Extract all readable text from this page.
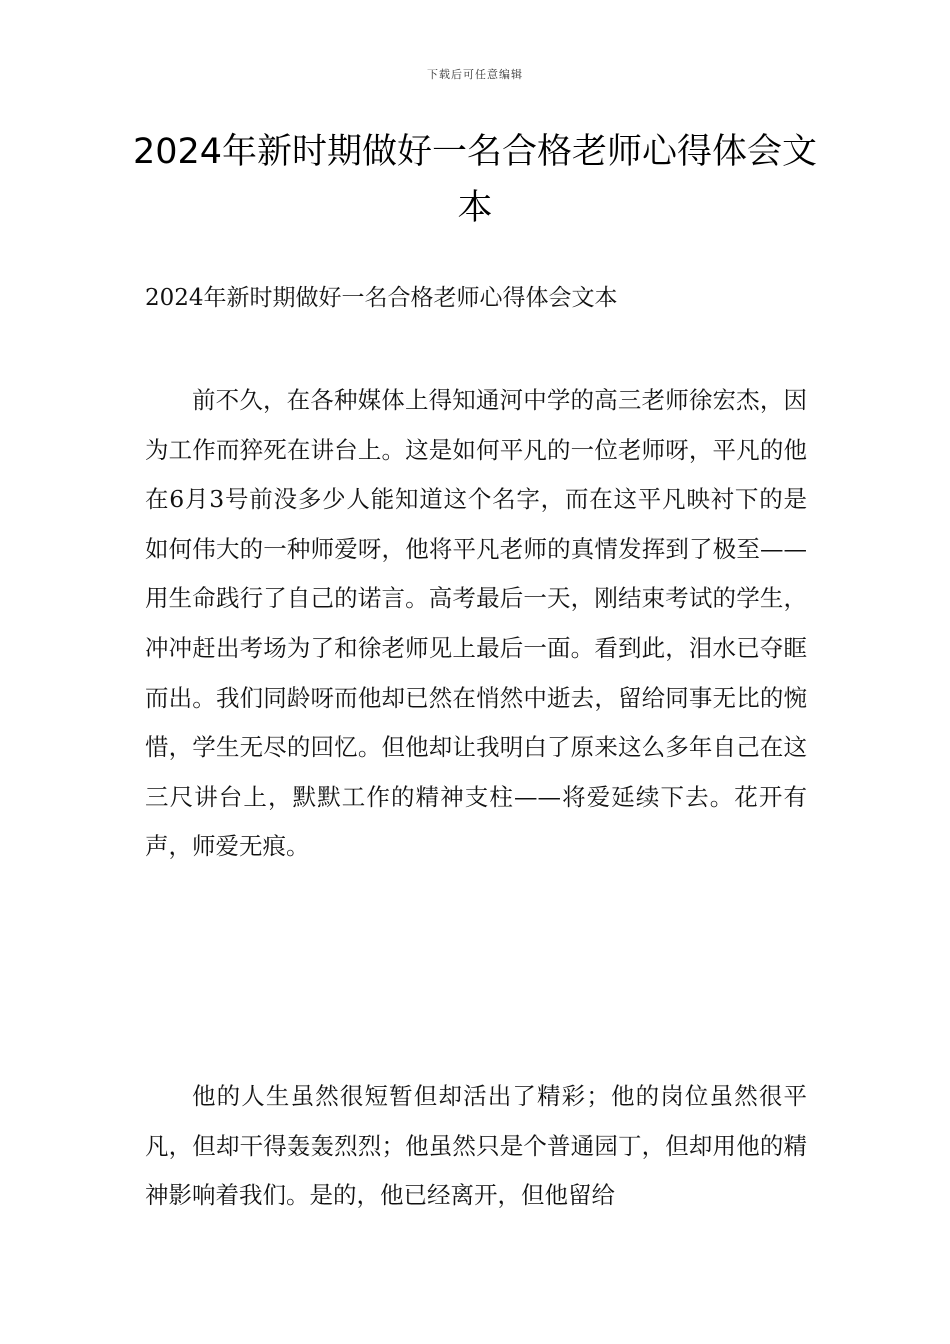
下载后可任意编辑
2024年新时期做好一名合格老师心得体会文本

2024年新时期做好一名合格老师心得体会文本

前不久，在各种媒体上得知通河中学的高三老师徐宏杰，因为工作而猝死在讲台上。这是如何平凡的一位老师呀，平凡的他在6月3号前没多少人能知道这个名字，而在这平凡映衬下的是如何伟大的一种师爱呀，他将平凡老师的真情发挥到了极至——用生命践行了自己的诺言。高考最后一天，刚结束考试的学生，冲冲赶出考场为了和徐老师见上最后一面。看到此，泪水已夺眶而出。我们同龄呀而他却已然在悄然中逝去，留给同事无比的惋惜，学生无尽的回忆。但他却让我明白了原来这么多年自己在这三尺讲台上，默默工作的精神支柱——将爱延续下去。花开有声，师爱无痕。

他的人生虽然很短暂但却活出了精彩；他的岗位虽然很平凡，但却干得轰轰烈烈；他虽然只是个普通园丁，但却用他的精神影响着我们。是的，他已经离开，但他留给
